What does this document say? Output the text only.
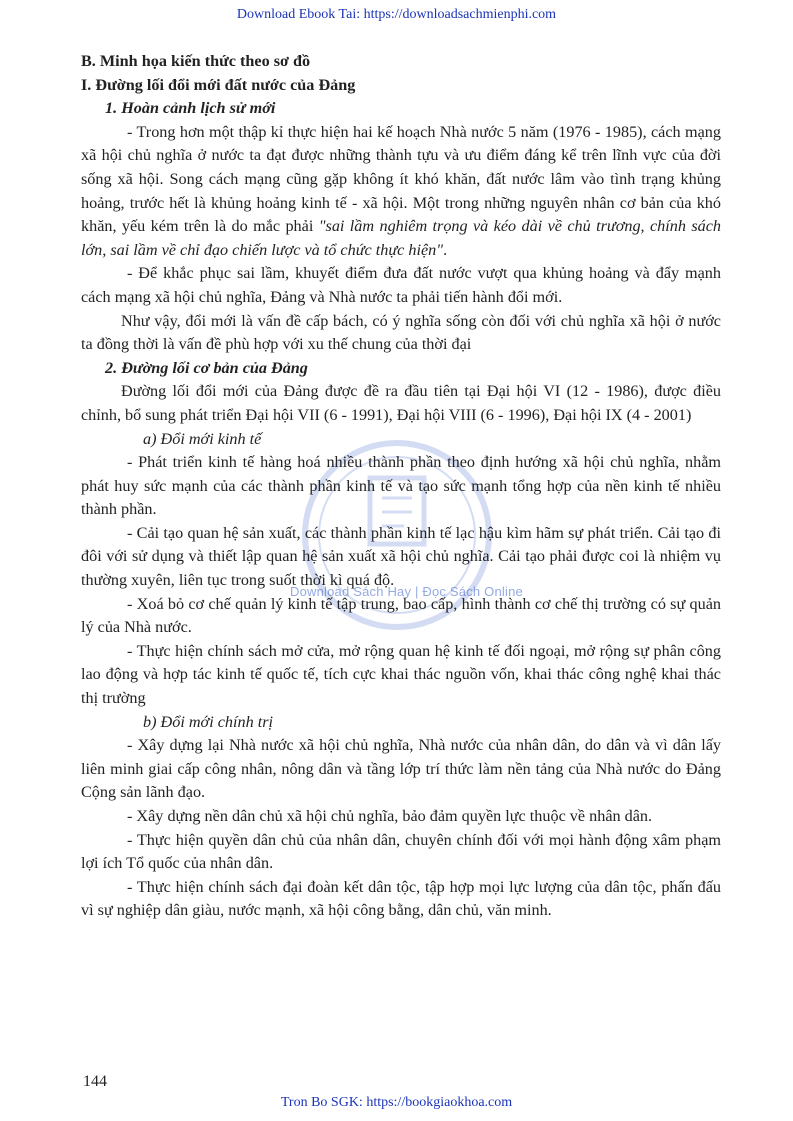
Download Ebook Tai: https://downloadsachmienphi.com
Download Sách Hay | Đọc Sách Online

B. Minh họa kiến thức theo sơ đồ

I. Đường lối đổi mới đất nước của Đảng

1. Hoàn cảnh lịch sử mới

- Trong hơn một thập kỉ thực hiện hai kế hoạch Nhà nước 5 năm (1976 - 1985), cách mạng xã hội chủ nghĩa ở nước ta đạt được những thành tựu và ưu điểm đáng kể trên lĩnh vực của đời sống xã hội. Song cách mạng cũng gặp không ít khó khăn, đất nước lâm vào tình trạng khủng hoảng, trước hết là khủng hoảng kinh tế - xã hội. Một trong những nguyên nhân cơ bản của khó khăn, yếu kém trên là do mắc phải "sai lầm nghiêm trọng và kéo dài về chủ trương, chính sách lớn, sai lầm về chỉ đạo chiến lược và tổ chức thực hiện".

- Để khắc phục sai lầm, khuyết điểm đưa đất nước vượt qua khủng hoảng và đẩy mạnh cách mạng xã hội chủ nghĩa, Đảng và Nhà nước ta phải tiến hành đổi mới.

Như vậy, đổi mới là vấn đề cấp bách, có ý nghĩa sống còn đối với chủ nghĩa xã hội ở nước ta đồng thời là vấn đề phù hợp với xu thế chung của thời đại

2. Đường lối cơ bản của Đảng

Đường lối đổi mới của Đảng được đề ra đầu tiên tại Đại hội VI (12 - 1986), được điều chỉnh, bổ sung phát triển Đại hội VII (6 - 1991), Đại hội VIII (6 - 1996), Đại hội IX (4 - 2001)

a) Đổi mới kinh tế

- Phát triển kinh tế hàng hoá nhiều thành phần theo định hướng xã hội chủ nghĩa, nhằm phát huy sức mạnh của các thành phần kinh tế và tạo sức mạnh tổng hợp của nền kinh tế nhiều thành phần.

- Cải tạo quan hệ sản xuất, các thành phần kinh tế lạc hậu kìm hãm sự phát triển. Cải tạo đi đôi với sử dụng và thiết lập quan hệ sản xuất xã hội chủ nghĩa. Cải tạo phải được coi là nhiệm vụ thường xuyên, liên tục trong suốt thời kì quá độ.

- Xoá bỏ cơ chế quản lý kinh tế tập trung, bao cấp, hình thành cơ chế thị trường có sự quản lý của Nhà nước.

- Thực hiện chính sách mở cửa, mở rộng quan hệ kinh tế đối ngoại, mở rộng sự phân công lao động và hợp tác kinh tế quốc tế, tích cực khai thác nguồn vốn, khai thác công nghệ khai thác thị trường

b) Đổi mới chính trị

- Xây dựng lại Nhà nước xã hội chủ nghĩa, Nhà nước của nhân dân, do dân và vì dân lấy liên minh giai cấp công nhân, nông dân và tầng lớp trí thức làm nền tảng của Nhà nước do Đảng Cộng sản lãnh đạo.

- Xây dựng nền dân chủ xã hội chủ nghĩa, bảo đảm quyền lực thuộc về nhân dân.

- Thực hiện quyền dân chủ của nhân dân, chuyên chính đối với mọi hành động xâm phạm lợi ích Tổ quốc của nhân dân.

- Thực hiện chính sách đại đoàn kết dân tộc, tập hợp mọi lực lượng của dân tộc, phấn đấu vì sự nghiệp dân giàu, nước mạnh, xã hội công bằng, dân chủ, văn minh.

144
Tron Bo SGK: https://bookgiaokhoa.com
